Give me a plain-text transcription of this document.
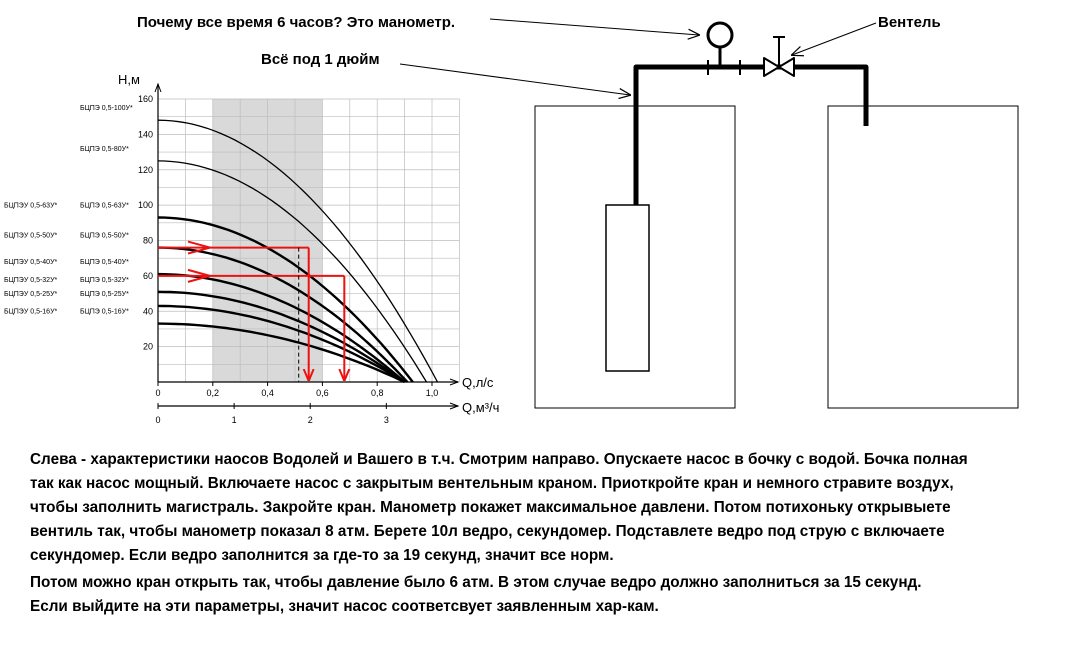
Почему все время 6 часов? Это манометр.
Всё под 1 дюйм
Вентель
Н,м
Q,л/с
Q,м³/ч
20
40
60
80
100
120
140
160
0	0,2	0,4	0,6	0,8	1,0
0	1	2	3
БЦПЭ 0,5-100У*
БЦПЭ 0,5-80У*
БЦПЭ 0,5-63У*
БЦПЭ 0,5-50У*
БЦПЭ 0,5-40У*
БЦПЭ 0,5-32У*
БЦПЭ 0,5-25У*
БЦПЭ 0,5-16У*
БЦПЭУ 0,5-63У*
БЦПЭУ 0,5-50У*
БЦПЭУ 0,5-40У*
БЦПЭУ 0,5-32У*
БЦПЭУ 0,5-25У*
БЦПЭУ 0,5-16У*
Слева - характеристики наосов Водолей и Вашего в т.ч. Смотрим направо. Опускаете насос в бочку с водой. Бочка полная
так как насос мощный. Включаете насос с закрытым вентельным краном. Приоткройте кран и немного стравите воздух,
чтобы заполнить магистраль. Закройте кран. Манометр покажет максимальное давлени. Потом потихоньку открывыете
вентиль так, чтобы манометр показал 8 атм. Берете 10л ведро, секундомер. Подставлете ведро под струю с включаете
секундомер. Если ведро заполнится за где-то за 19 секунд, значит все норм.
Потом можно кран открыть так, чтобы давление было 6 атм. В этом случае ведро должно заполниться за 15 секунд.
Если выйдите на эти параметры, значит насос соответсвует заявленным хар-кам.
